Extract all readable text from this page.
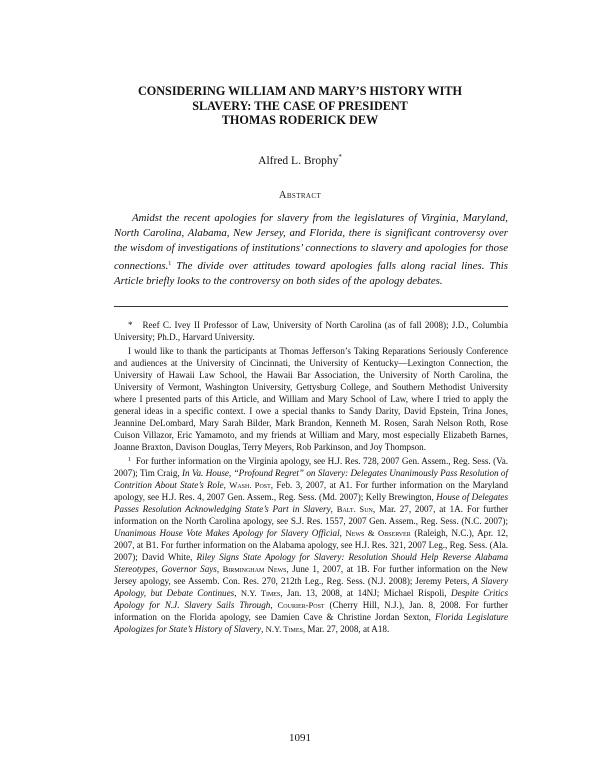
CONSIDERING WILLIAM AND MARY’S HISTORY WITH
SLAVERY: THE CASE OF PRESIDENT
THOMAS RODERICK DEW
Alfred L. Brophy*
Abstract

Amidst the recent apologies for slavery from the legislatures of Virginia, Maryland, North Carolina, Alabama, New Jersey, and Florida, there is significant controversy over the wisdom of investigations of institutions’ connections to slavery and apologies for those connections.$^1$ The divide over attitudes toward apologies falls along racial lines. This Article briefly looks to the controversy on both sides of the apology debates.

* Reef C. Ivey II Professor of Law, University of North Carolina (as of fall 2008); J.D., Columbia University; Ph.D., Harvard University.

I would like to thank the participants at Thomas Jefferson’s Taking Reparations Seriously Conference and audiences at the University of Cincinnati, the University of Kentucky—Lexington Connection, the University of Hawaii Law School, the Hawaii Bar Association, the University of North Carolina, the University of Vermont, Washington University, Gettysburg College, and Southern Methodist University where I presented parts of this Article, and William and Mary School of Law, where I tried to apply the general ideas in a specific context. I owe a special thanks to Sandy Darity, David Epstein, Trina Jones, Jeannine DeLombard, Mary Sarah Bilder, Mark Brandon, Kenneth M. Rosen, Sarah Nelson Roth, Rose Cuison Villazor, Eric Yamamoto, and my friends at William and Mary, most especially Elizabeth Barnes, Joanne Braxton, Davison Douglas, Terry Meyers, Rob Parkinson, and Joy Thompson.

$^1$ For further information on the Virginia apology, see H.J. Res. 728, 2007 Gen. Assem., Reg. Sess. (Va. 2007); Tim Craig, In Va. House, “Profound Regret” on Slavery: Delegates Unanimously Pass Resolution of Contrition About State’s Role, Wash. Post, Feb. 3, 2007, at A1. For further information on the Maryland apology, see H.J. Res. 4, 2007 Gen. Assem., Reg. Sess. (Md. 2007); Kelly Brewington, House of Delegates Passes Resolution Acknowledging State’s Part in Slavery, Balt. Sun, Mar. 27, 2007, at 1A. For further information on the North Carolina apology, see S.J. Res. 1557, 2007 Gen. Assem., Reg. Sess. (N.C. 2007); Unanimous House Vote Makes Apology for Slavery Official, News & Observer (Raleigh, N.C.), Apr. 12, 2007, at B1. For further information on the Alabama apology, see H.J. Res. 321, 2007 Leg., Reg. Sess. (Ala. 2007); David White, Riley Signs State Apology for Slavery: Resolution Should Help Reverse Alabama Stereotypes, Governor Says, Birmingham News, June 1, 2007, at 1B. For further information on the New Jersey apology, see Assemb. Con. Res. 270, 212th Leg., Reg. Sess. (N.J. 2008); Jeremy Peters, A Slavery Apology, but Debate Continues, N.Y. Times, Jan. 13, 2008, at 14NJ; Michael Rispoli, Despite Critics Apology for N.J. Slavery Sails Through, Courier-Post (Cherry Hill, N.J.), Jan. 8, 2008. For further information on the Florida apology, see Damien Cave & Christine Jordan Sexton, Florida Legislature Apologizes for State’s History of Slavery, N.Y. Times, Mar. 27, 2008, at A18.

1091
